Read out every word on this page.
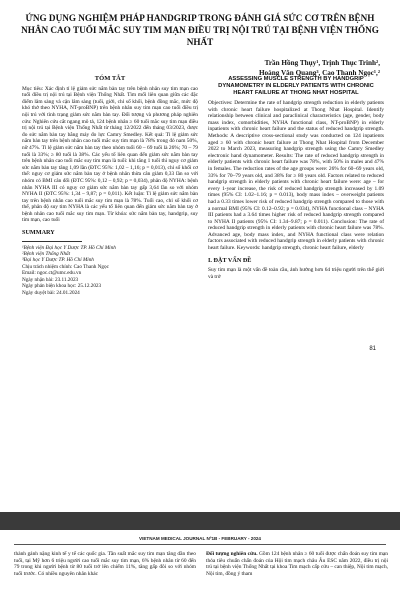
ỨNG DỤNG NGHIỆM PHÁP HANDGRIP TRONG ĐÁNH GIÁ SỨC CƠ TRÊN BỆNH NHÂN CAO TUỔI MẮC SUY TIM MẠN ĐIỀU TRỊ NỘI TRÚ TẠI BỆNH VIỆN THỐNG NHẤT
Trần Hồng Thụy¹, Trịnh Thục Trinh²,
Hoàng Văn Quang³, Cao Thanh Ngọc¹,²
TÓM TẮT

Mục tiêu: Xác định tỉ lệ giảm sức nắm bàn tay trên bệnh nhân suy tim mạn cao tuổi điều trị nội trú tại Bệnh viện Thống Nhất. Tìm mối liên quan giữa các đặc điểm lâm sàng và cận lâm sàng (tuổi, giới, chỉ số khối, bệnh đồng mắc, mức độ khó thở theo NYHA, NT-proBNP) trên bệnh nhân suy tim mạn cao tuổi điều trị nội trú với tình trạng giảm sức nắm bàn tay. Đối tượng và phương pháp nghiên cứu: Nghiên cứu cắt ngang mô tả, 124 bệnh nhân ≥ 60 tuổi mắc suy tim mạn điều trị nội trú tại Bệnh viện Thống Nhất từ tháng 12/2022 đến tháng 03/2023, được đo sức nắm bàn tay bằng máy đo lực Camry Smedley. Kết quả: Tỉ lệ giảm sức nắm bàn tay trên bệnh nhân cao tuổi mắc suy tim mạn là 78% trong đó nam 50%, nữ 47%. Tỉ lệ giảm sức nắm bàn tay theo nhóm tuổi 60 – 69 tuổi là 26%; 70 – 79 tuổi là 33%; ≥ 80 tuổi là 38%. Các yếu tố liên quan đến giảm sức nắm bàn tay trên bệnh nhân cao tuổi mắc suy tim mạn là tuổi: khi tăng 1 tuổi thì nguy cơ giảm sức nắm bàn tay tăng 1,09 lần (ĐTC 95%: 1,02 – 1,16; p = 0,013), chỉ số khối cơ thể: nguy cơ giảm sức nắm bàn tay ở bệnh nhân thừa cân giảm 0,33 lần so với nhóm có BMI cân đối (ĐTC 95%: 0,12 – 0,92; p = 0,034), phân độ NYHA: bệnh nhân NYHA III có nguy cơ giảm sức nắm bàn tay gấp 3,64 lần so với nhóm NYHA II (ĐTC 95%: 1,34 – 9,87; p = 0,011). Kết luận: Tỉ lệ giảm sức nắm bàn tay trên bệnh nhân cao tuổi mắc suy tim mạn là 78%. Tuổi cao, chỉ số khối cơ thể, phân độ suy tim NYHA là các yếu tố liên quan đến giảm sức nắm bàn tay ở bệnh nhân cao tuổi mắc suy tim mạn. Từ khóa: sức nắm bàn tay, handgrip, suy tim mạn, cao tuổi

SUMMARY
¹Bệnh viện Đại học Y Dược TP. Hồ Chí Minh
²Bệnh viện Thống Nhất
³Đại học Y Dược TP. Hồ Chí Minh
Chịu trách nhiệm chính: Cao Thanh Ngọc
Email: ngoc.ct@umc.edu.vn
Ngày nhận bài: 23.11.2023
Ngày phản biện khoa học: 25.12.2023
Ngày duyệt bài: 24.01.2024
ASSESSING MUSCLE STRENGTH BY HANDGRIP DYNAMOMETRY IN ELDERLY PATIENTS WITH CHRONIC HEART FAILURE AT THONG NHAT HOSPITAL

Objectives: Determine the rate of handgrip strength reduction in elderly patients with chronic heart failure hospitalized at Thong Nhat Hospital. Identify relationship between clinical and paraclinical characteristics (age, gender, body mass index, comorbidities, NYHA functional class, NT-proBNP) in elderly inpatients with chronic heart failure and the status of reduced handgrip strength. Methods: A descriptive cross-sectional study was conducted on 124 inpatients aged ≥ 60 with chronic heart failure at Thong Nhat Hospital from December 2022 to March 2023, measuring handgrip strength using the Camry Smedley electronic hand dynamometer. Results: The rate of reduced handgrip strength in elderly patients with chronic heart failure was 78%, with 50% in males and 47% in females. The reduction rates of the age groups were: 26% for 60–69 years old, 33% for 70–79 years old, and 38% for ≥ 80 years old. Factors related to reduced handgrip strength in elderly patients with chronic heart failure were: age – for every 1-year increase, the risk of reduced handgrip strength increased by 1.09 times (95% CI: 1.02–1.16; p = 0.013), body mass index – overweight patients had a 0.33 times lower risk of reduced handgrip strength compared to those with a normal BMI (95% CI: 0.12–0.92; p = 0.034), NYHA functional class – NYHA III patients had a 3.64 times higher risk of reduced handgrip strength compared to NYHA II patients (95% CI: 1.34–9.87; p = 0.011). Conclusion: The rate of reduced handgrip strength in elderly patients with chronic heart failure was 78%. Advanced age, body mass index, and NYHA functional class were relation factors associated with reduced handgrip strength in elderly patients with chronic heart failure. Keywords: handgrip strength, chronic heart failure, elderly

I. ĐẶT VẤN ĐỀ

Suy tim mạn là một vấn đề toàn cầu, ảnh hưởng hơn 64 triệu người trên thế giới và trở

81
VIETNAM MEDICAL JOURNAL Nº1B - FEBRUARY - 2024
thành gánh nặng kinh tế y tế các quốc gia. Tần suất mắc suy tim mạn tăng dần theo tuổi, tại Mỹ hơn 6 triệu người cao tuổi mắc suy tim mạn, 6% bệnh nhân từ 60 đến 79 trong khi người bệnh từ 80 tuổi trở lên chiếm 11%, tăng gấp đôi so với nhóm tuổi trước. Có nhiều nguyên nhân khác
Đối tượng nghiên cứu. Gồm 124 bệnh nhân ≥ 60 tuổi được chẩn đoán suy tim mạn thỏa tiêu chuẩn chẩn đoán của Hội tim mạch châu Âu ESC năm 2022, điều trị nội trú tại bệnh viện Thống Nhất tại khoa Tim mạch cấp cứu – can thiệp, Nội tim mạch, Nội tim, đồng ý tham
